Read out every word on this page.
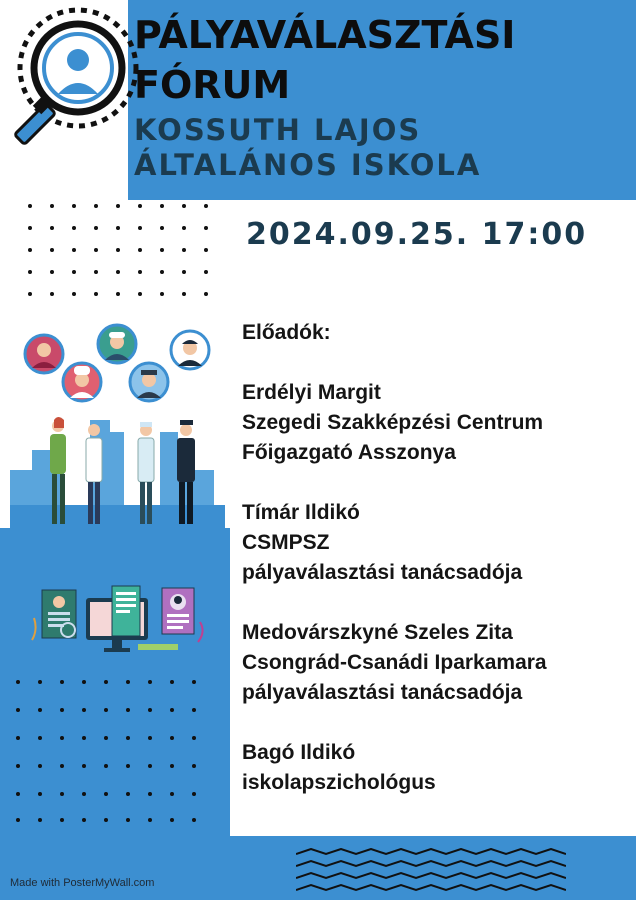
PÁLYAVÁLASZTÁSI
FÓRUM
KOSSUTH LAJOS
ÁLTALÁNOS ISKOLA
2024.09.25. 17:00
Előadók:
Erdélyi Margit
Szegedi Szakképzési Centrum
Főigazgató Asszonya
Tímár Ildikó
CSMPSZ
pályaválasztási tanácsadója
Medovárszkyné Szeles Zita
Csongrád-Csanádi Iparkamara
pályaválasztási tanácsadója
Bagó Ildikó
iskolapszichológus
Made with PosterMyWall.com
